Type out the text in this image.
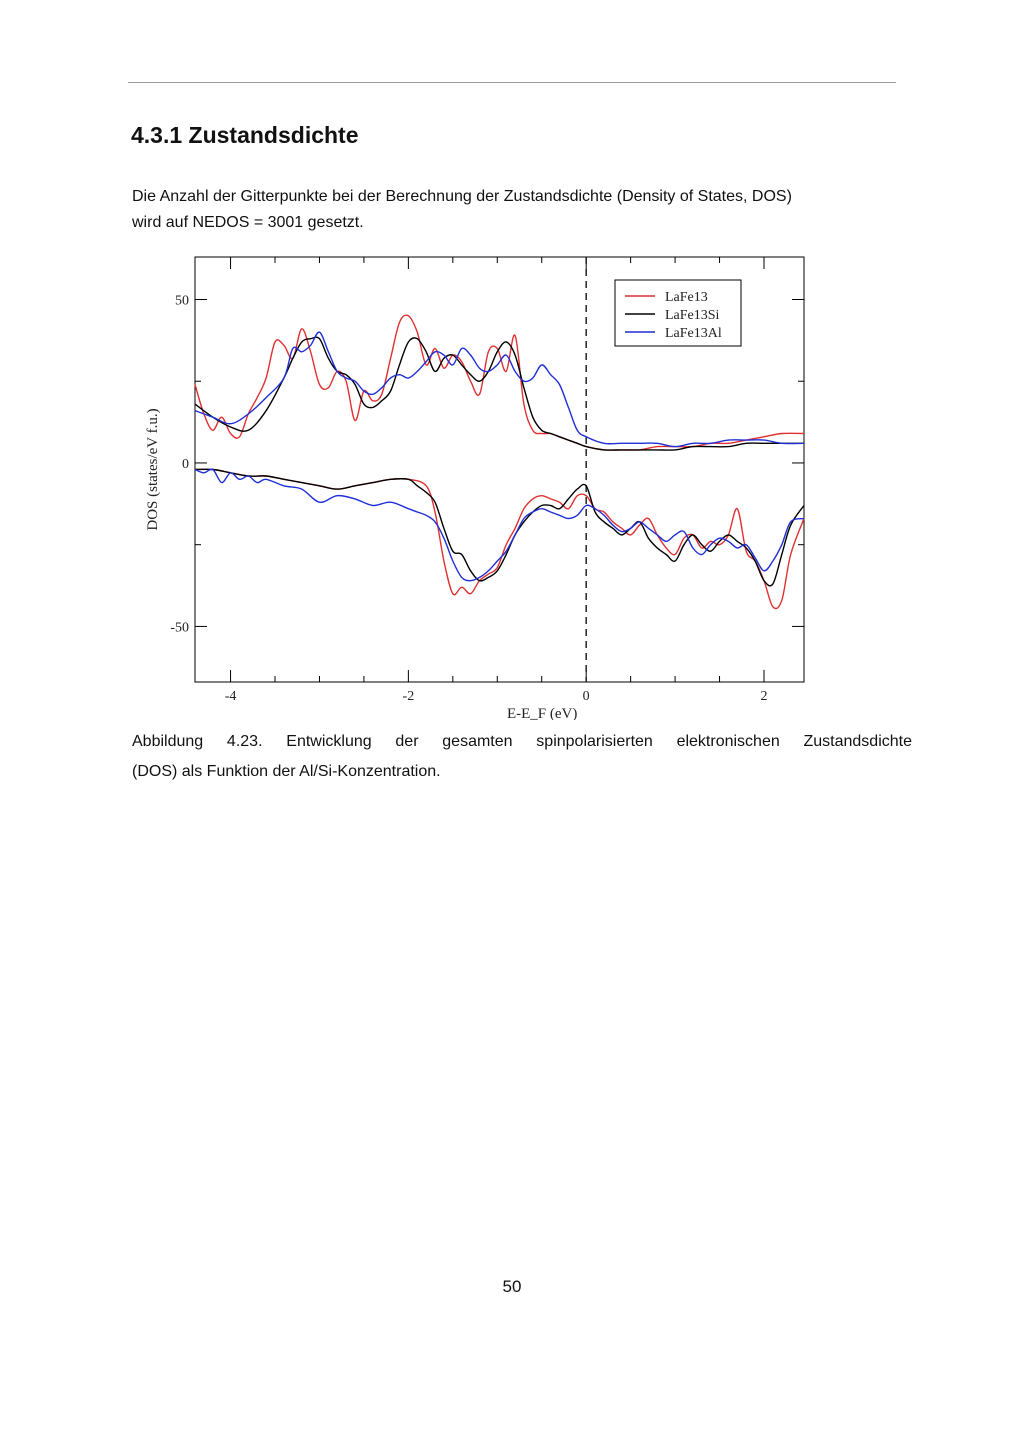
4.3.1 Zustandsdichte

Die Anzahl der Gitterpunkte bei der Berechnung der Zustandsdichte (Density of States, DOS)
wird auf NEDOS = 3001 gesetzt.

-4	-2	0	2
50
0
-50
E-E_F (eV)
DOS (states/eV f.u.)
LaFe13
LaFe13Si
LaFe13Al

Abbildung 4.23. Entwicklung der gesamten spinpolarisierten elektronischen Zustandsdichte
(DOS) als Funktion der Al/Si-Konzentration.

50
